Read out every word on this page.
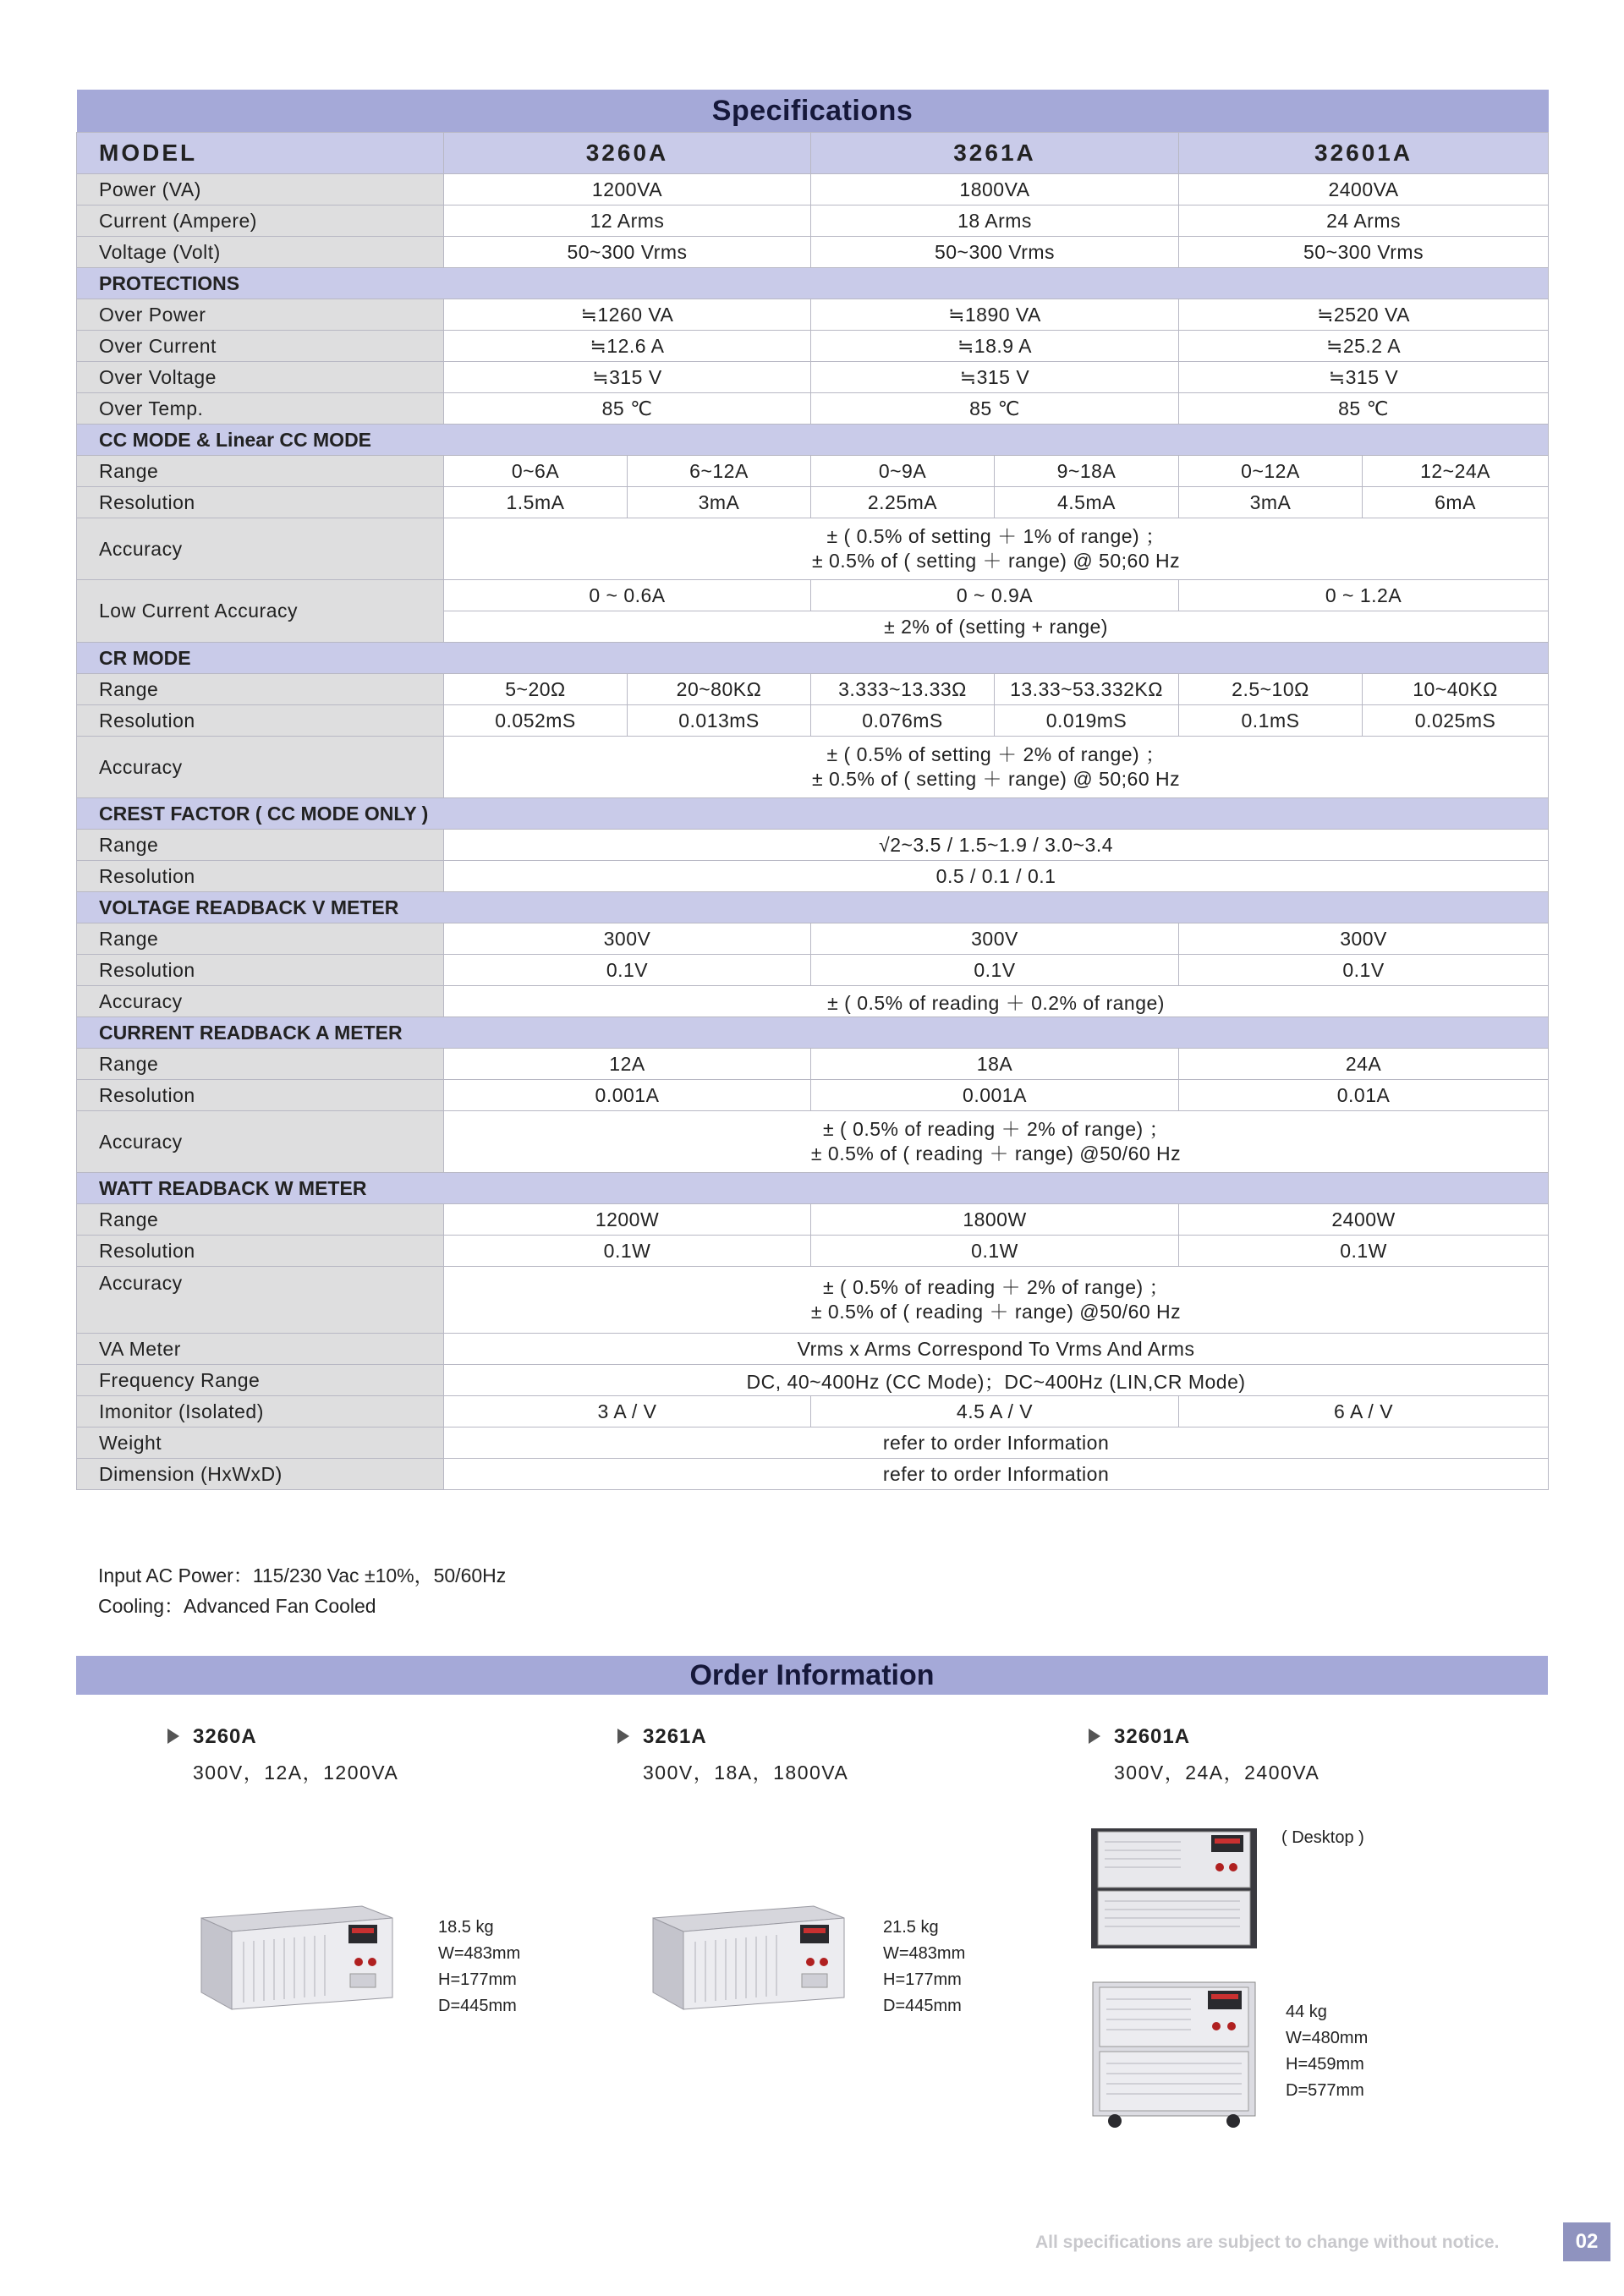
Specifications						
MODEL	3260A		3261A		32601A	
Power (VA)	1200VA		1800VA		2400VA	
Current (Ampere)	12 Arms		18 Arms		24 Arms	
Voltage (Volt)	50~300 Vrms		50~300 Vrms		50~300 Vrms	
PROTECTIONS						
Over Power	≒1260 VA		≒1890 VA		≒2520 VA	
Over Current	≒12.6 A		≒18.9 A		≒25.2 A	
Over Voltage	≒315 V		≒315 V		≒315 V	
Over Temp.	85 ℃		85 ℃		85 ℃	
CC MODE & Linear CC MODE						
Range	0~6A	6~12A	0~9A	9~18A	0~12A	12~24A
Resolution	1.5mA	3mA	2.25mA	4.5mA	3mA	6mA
Accuracy	± ( 0.5% of setting ＋ 1% of range) ；
± 0.5% of ( setting ＋ range) @ 50;60 Hz					

Low Current Accuracy	0 ~ 0.6A		0 ~ 0.9A		0 ~ 1.2A	
	± 2% of (setting + range)					
CR MODE						
Range	5~20Ω	20~80KΩ	3.333~13.33Ω	13.33~53.332KΩ	2.5~10Ω	10~40KΩ
Resolution	0.052mS	0.013mS	0.076mS	0.019mS	0.1mS	0.025mS
Accuracy	± ( 0.5% of setting ＋ 2% of range) ；
± 0.5% of ( setting ＋ range) @ 50;60 Hz					

CREST FACTOR ( CC MODE ONLY )						
Range	√2~3.5 / 1.5~1.9 / 3.0~3.4					
Resolution	0.5 / 0.1 / 0.1					
VOLTAGE READBACK V METER						
Range	300V		300V		300V	
Resolution	0.1V		0.1V		0.1V	
Accuracy	± ( 0.5% of reading ＋ 0.2% of range)					
CURRENT READBACK A METER						
Range	12A		18A		24A	
Resolution	0.001A		0.001A		0.01A	
Accuracy	± ( 0.5% of reading ＋ 2% of range) ；
± 0.5% of ( reading ＋ range) @50/60 Hz					

WATT READBACK W METER						
Range	1200W		1800W		2400W	
Resolution	0.1W		0.1W		0.1W	
Accuracy	± ( 0.5% of reading ＋ 2% of range) ；
± 0.5% of ( reading ＋ range) @50/60 Hz					

VA Meter	Vrms x Arms Correspond To Vrms And Arms					
Frequency Range	DC, 40~400Hz (CC Mode)；DC~400Hz (LIN,CR Mode)					
Imonitor (Isolated)	3 A / V		4.5 A / V		6 A / V	
Weight	refer to order Information					
Dimension (HxWxD)	refer to order Information					
Input AC Power：115/230 Vac ±10%，50/60Hz
Cooling：Advanced Fan Cooled
Order Information
3260A
300V，12A，1200VA
3261A
300V，18A，1800VA
32601A
300V，24A，2400VA
( Desktop )
18.5 kg
W=483mm
H=177mm
D=445mm
21.5 kg
W=483mm
H=177mm
D=445mm	44 kg
W=480mm
H=459mm
D=577mm
All specifications are subject to change without notice.	02
